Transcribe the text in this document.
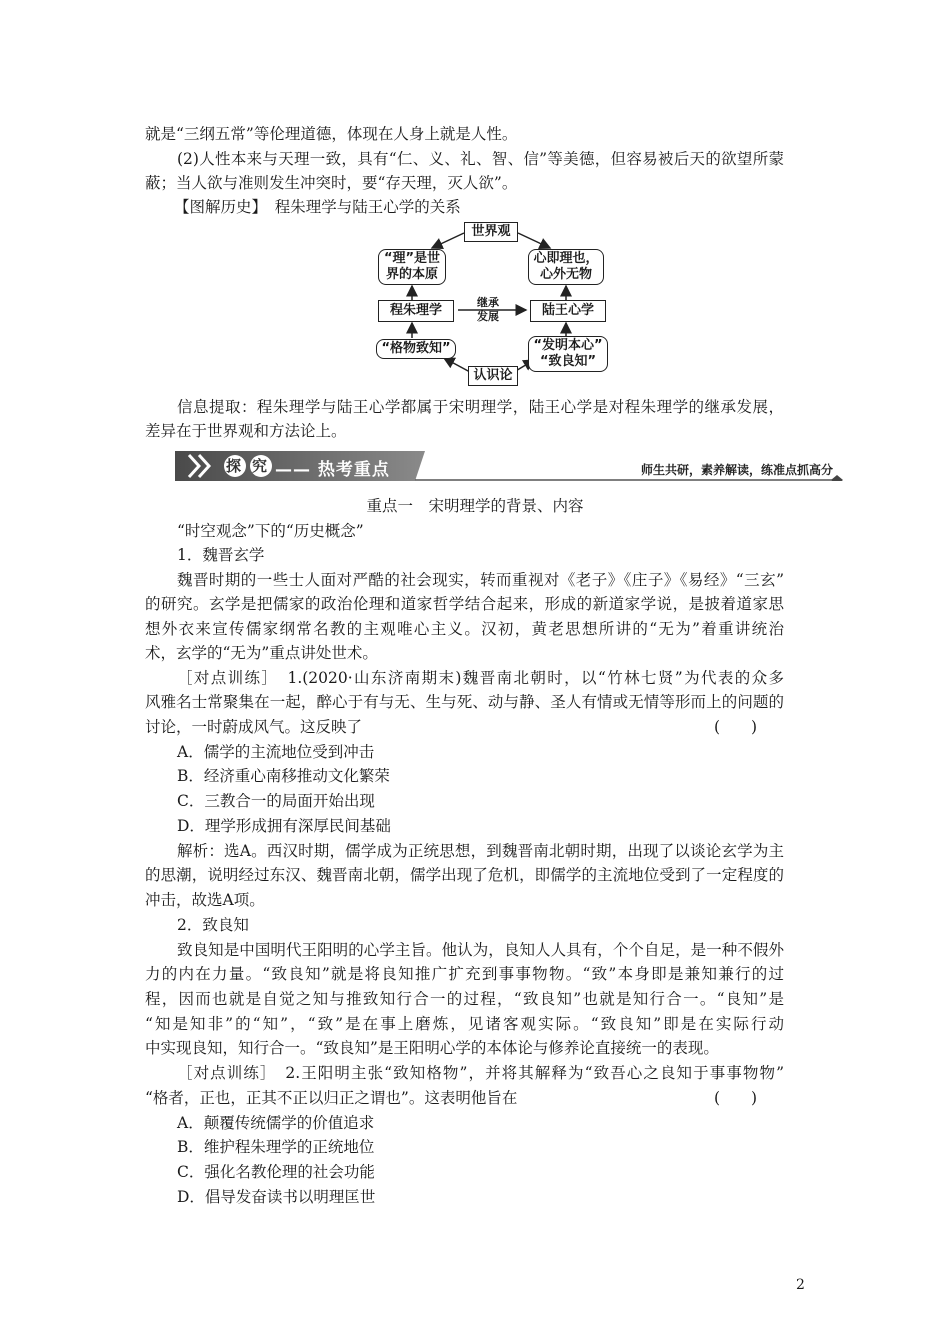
就是“三纲五常”等伦理道德，体现在人身上就是人性。
(2)人性本来与天理一致，具有“仁、义、礼、智、信”等美德，但容易被后天的欲望所蒙
蔽；当人欲与准则发生冲突时，要“存天理，灭人欲”。
【图解历史】　程朱理学与陆王心学的关系
世界观
“理”是世
界的本原
心即理也，
心外无物
程朱理学
继承
发展	陆王心学
“格物致知”	“发明本心”
“致良知”
认识论
信息提取：程朱理学与陆王心学都属于宋明理学，陆王心学是对程朱理学的继承发展，
差异在于世界观和方法论上。
探 究 —— 热考重点	师生共研，素养解读，练准点抓高分
重点一　宋明理学的背景、内容
“时空观念”下的“历史概念”
1．魏晋玄学
魏晋时期的一些士人面对严酷的社会现实，转而重视对《老子》《庄子》《易经》“三玄”
的研究。玄学是把儒家的政治伦理和道家哲学结合起来，形成的新道家学说，是披着道家思
想外衣来宣传儒家纲常名教的主观唯心主义。汉初，黄老思想所讲的“无为”着重讲统治
术，玄学的“无为”重点讲处世术。
［对点训练］　1.(2020·山东济南期末)魏晋南北朝时，以“竹林七贤”为代表的众多
风雅名士常聚集在一起，醉心于有与无、生与死、动与静、圣人有情或无情等形而上的问题的
讨论，一时蔚成风气。这反映了	(　　)
A．儒学的主流地位受到冲击
B．经济重心南移推动文化繁荣
C．三教合一的局面开始出现
D．理学形成拥有深厚民间基础
解析：选A。西汉时期，儒学成为正统思想，到魏晋南北朝时期，出现了以谈论玄学为主
的思潮，说明经过东汉、魏晋南北朝，儒学出现了危机，即儒学的主流地位受到了一定程度的
冲击，故选A项。
2．致良知
致良知是中国明代王阳明的心学主旨。他认为，良知人人具有，个个自足，是一种不假外
力的内在力量。“致良知”就是将良知推广扩充到事事物物。“致”本身即是兼知兼行的过
程，因而也就是自觉之知与推致知行合一的过程，“致良知”也就是知行合一。“良知”是
“知是知非”的“知”，“致”是在事上磨炼，见诸客观实际。“致良知”即是在实际行动
中实现良知，知行合一。“致良知”是王阳明心学的本体论与修养论直接统一的表现。
［对点训练］　2.王阳明主张“致知格物”，并将其解释为“致吾心之良知于事事物物”
“格者，正也，正其不正以归正之谓也”。这表明他旨在	(　　)
A．颠覆传统儒学的价值追求
B．维护程朱理学的正统地位
C．强化名教伦理的社会功能
D．倡导发奋读书以明理匡世
2
